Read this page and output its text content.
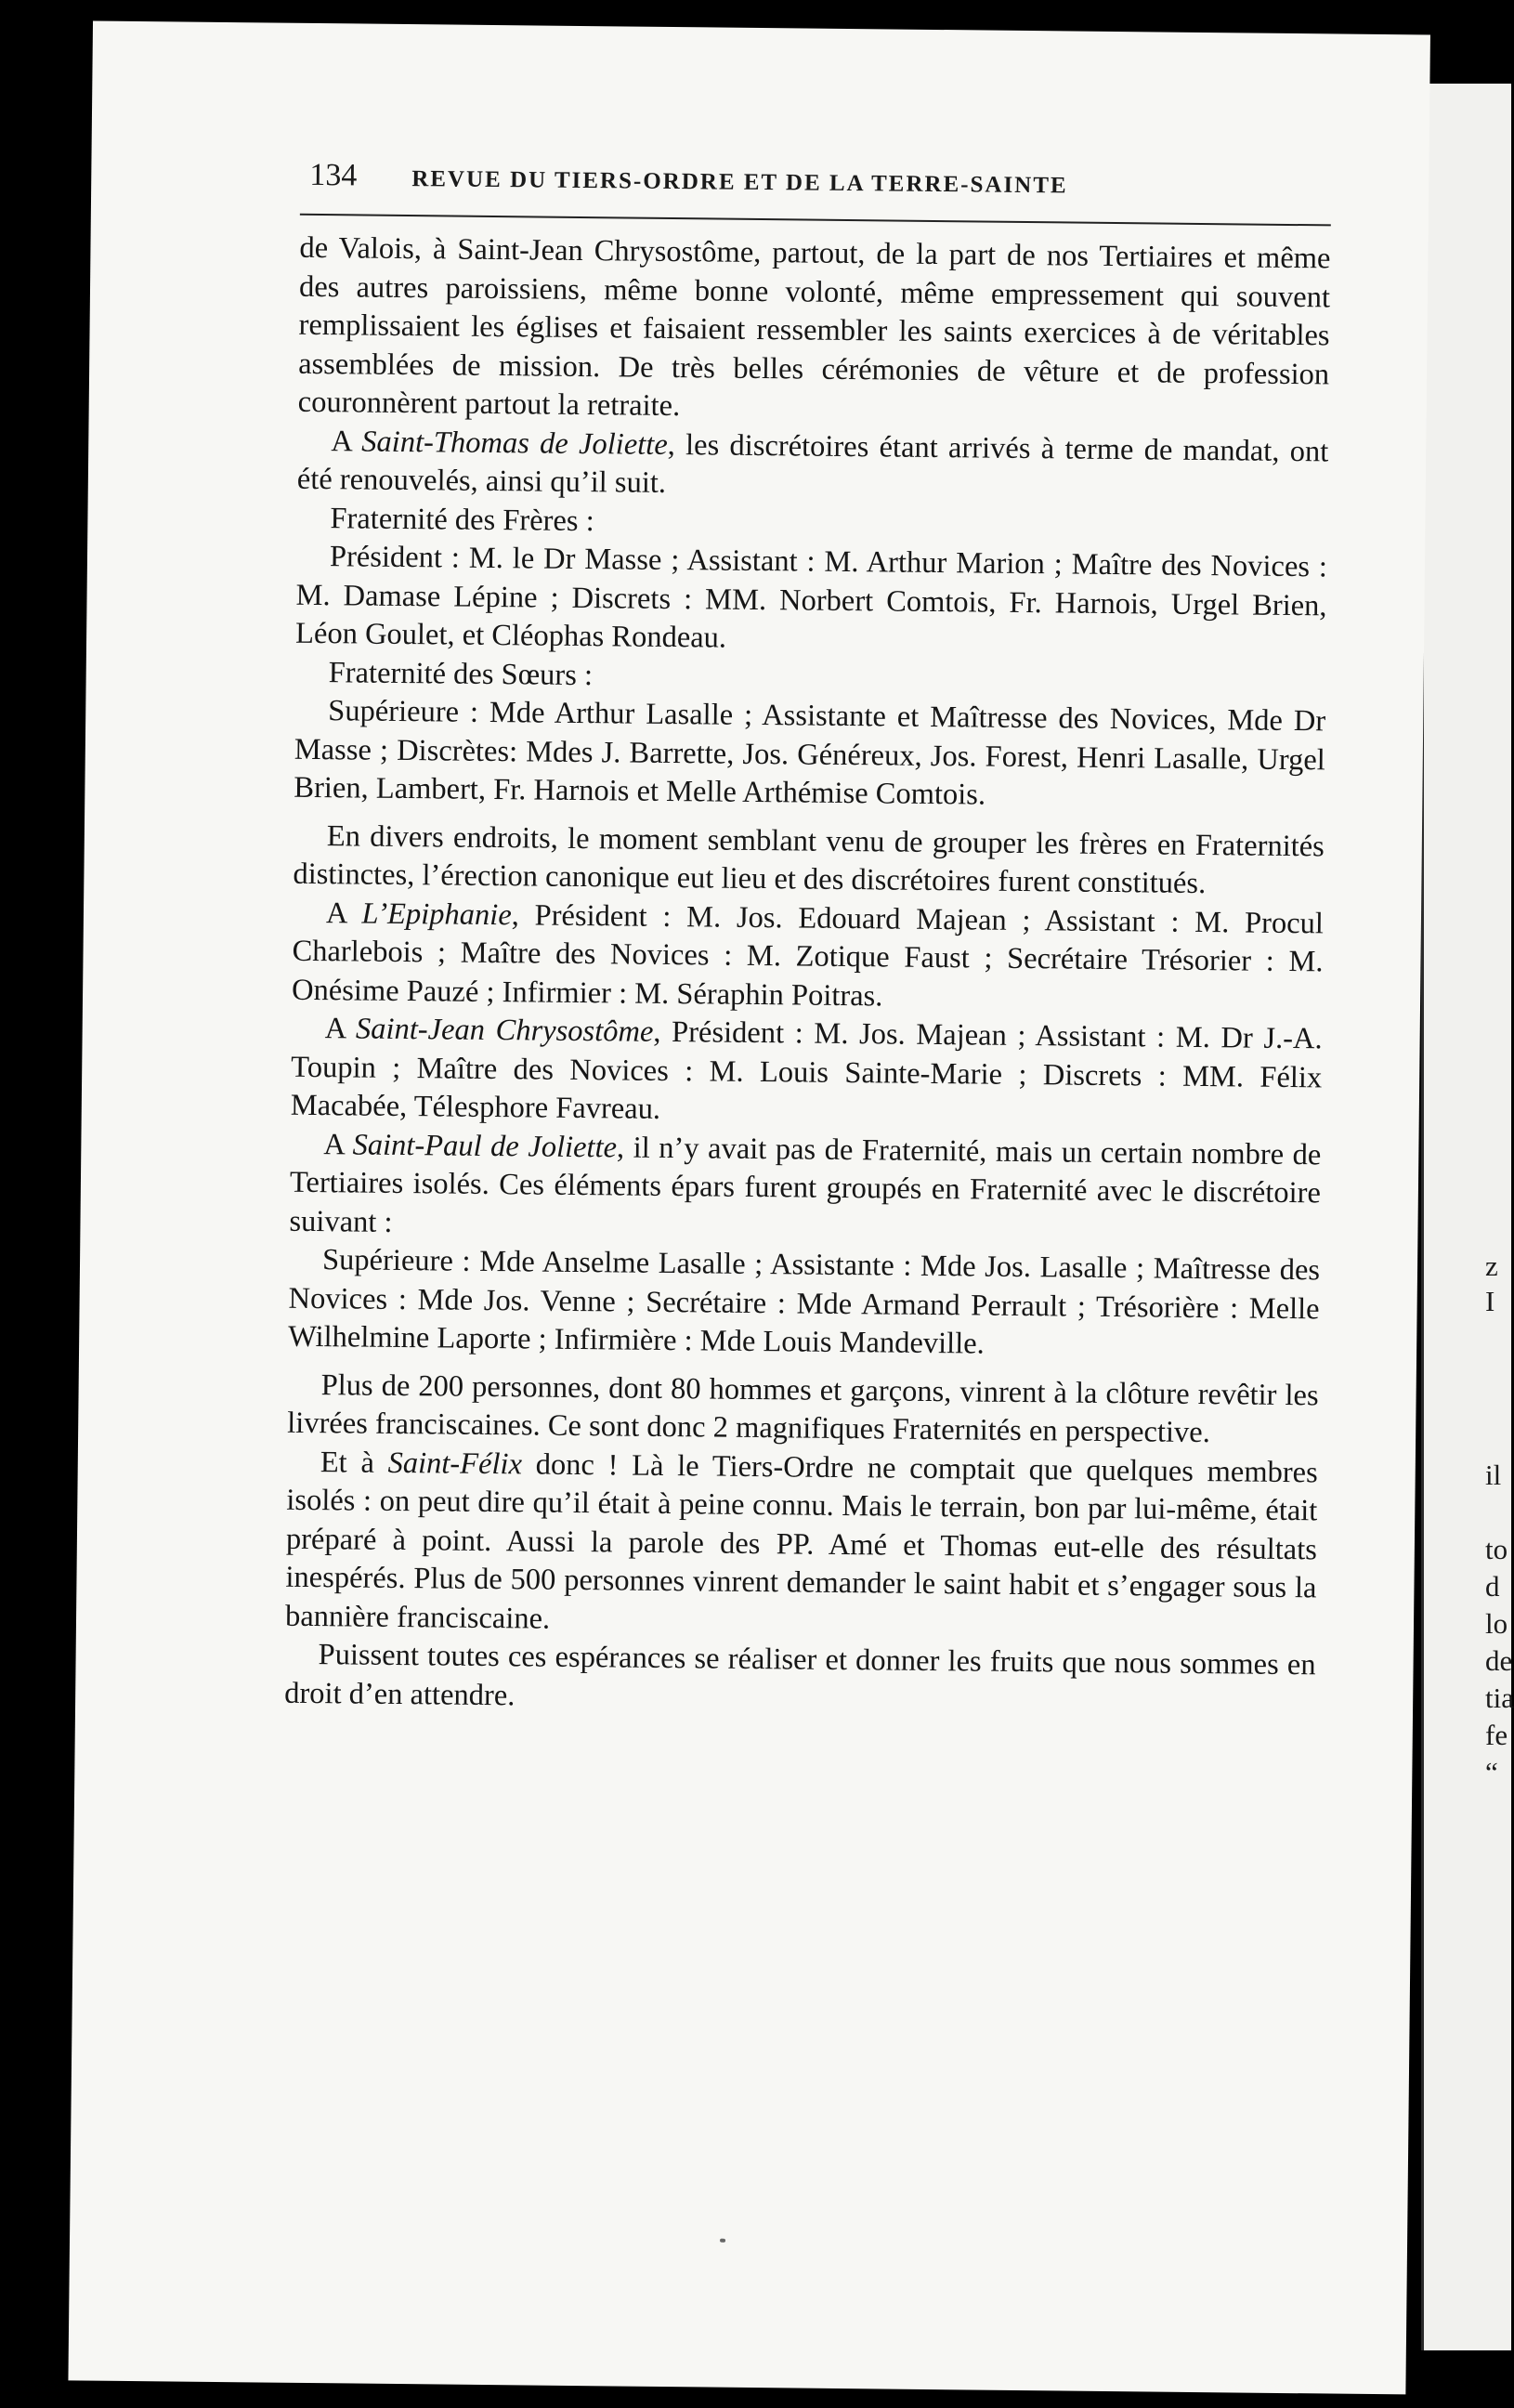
z
I
il
to
d
lo
de
tia
fe
“
134	REVUE DU TIERS-ORDRE ET DE LA TERRE-SAINTE

de Valois, à Saint-Jean Chrysostôme, partout, de la part de nos Tertiaires et même des autres paroissiens, même bonne volonté, même empressement qui souvent remplissaient les églises et faisaient ressembler les saints exercices à de véritables assemblées de mission. De très belles cérémonies de vêture et de profession couronnèrent partout la retraite.

A Saint-Thomas de Joliette, les discrétoires étant arrivés à terme de mandat, ont été renouvelés, ainsi qu’il suit.

Fraternité des Frères :

Président : M. le Dr Masse ; Assistant : M. Arthur Marion ; Maître des Novices : M. Damase Lépine ; Discrets : MM. Norbert Comtois, Fr. Harnois, Urgel Brien, Léon Goulet, et Cléophas Rondeau.

Fraternité des Sœurs :

Supérieure : Mde Arthur Lasalle ; Assistante et Maîtresse des Novices, Mde Dr Masse ; Discrètes: Mdes J. Barrette, Jos. Généreux, Jos. Forest, Henri Lasalle, Urgel Brien, Lambert, Fr. Harnois et Melle Arthémise Comtois.

En divers endroits, le moment semblant venu de grouper les frères en Fraternités distinctes, l’érection canonique eut lieu et des discrétoires furent constitués.

A L’Epiphanie, Président : M. Jos. Edouard Majean ; Assistant : M. Procul Charlebois ; Maître des Novices : M. Zotique Faust ; Secrétaire Trésorier : M. Onésime Pauzé ; Infirmier : M. Séraphin Poitras.

A Saint-Jean Chrysostôme, Président : M. Jos. Majean ; Assistant : M. Dr J.-A. Toupin ; Maître des Novices : M. Louis Sainte-Marie ; Discrets : MM. Félix Macabée, Télesphore Favreau.

A Saint-Paul de Joliette, il n’y avait pas de Fraternité, mais un certain nombre de Tertiaires isolés. Ces éléments épars furent groupés en Fraternité avec le discrétoire suivant :

Supérieure : Mde Anselme Lasalle ; Assistante : Mde Jos. Lasalle ; Maîtresse des Novices : Mde Jos. Venne ; Secrétaire : Mde Armand Perrault ; Trésorière : Melle Wilhelmine Laporte ; Infirmière : Mde Louis Mandeville.

Plus de 200 personnes, dont 80 hommes et garçons, vinrent à la clôture revêtir les livrées franciscaines. Ce sont donc 2 magnifiques Fraternités en perspective.

Et à Saint-Félix donc ! Là le Tiers-Ordre ne comptait que quelques membres isolés : on peut dire qu’il était à peine connu. Mais le terrain, bon par lui-même, était préparé à point. Aussi la parole des PP. Amé et Thomas eut-elle des résultats inespérés. Plus de 500 personnes vinrent demander le saint habit et s’engager sous la bannière franciscaine.

Puissent toutes ces espérances se réaliser et donner les fruits que nous sommes en droit d’en attendre.
